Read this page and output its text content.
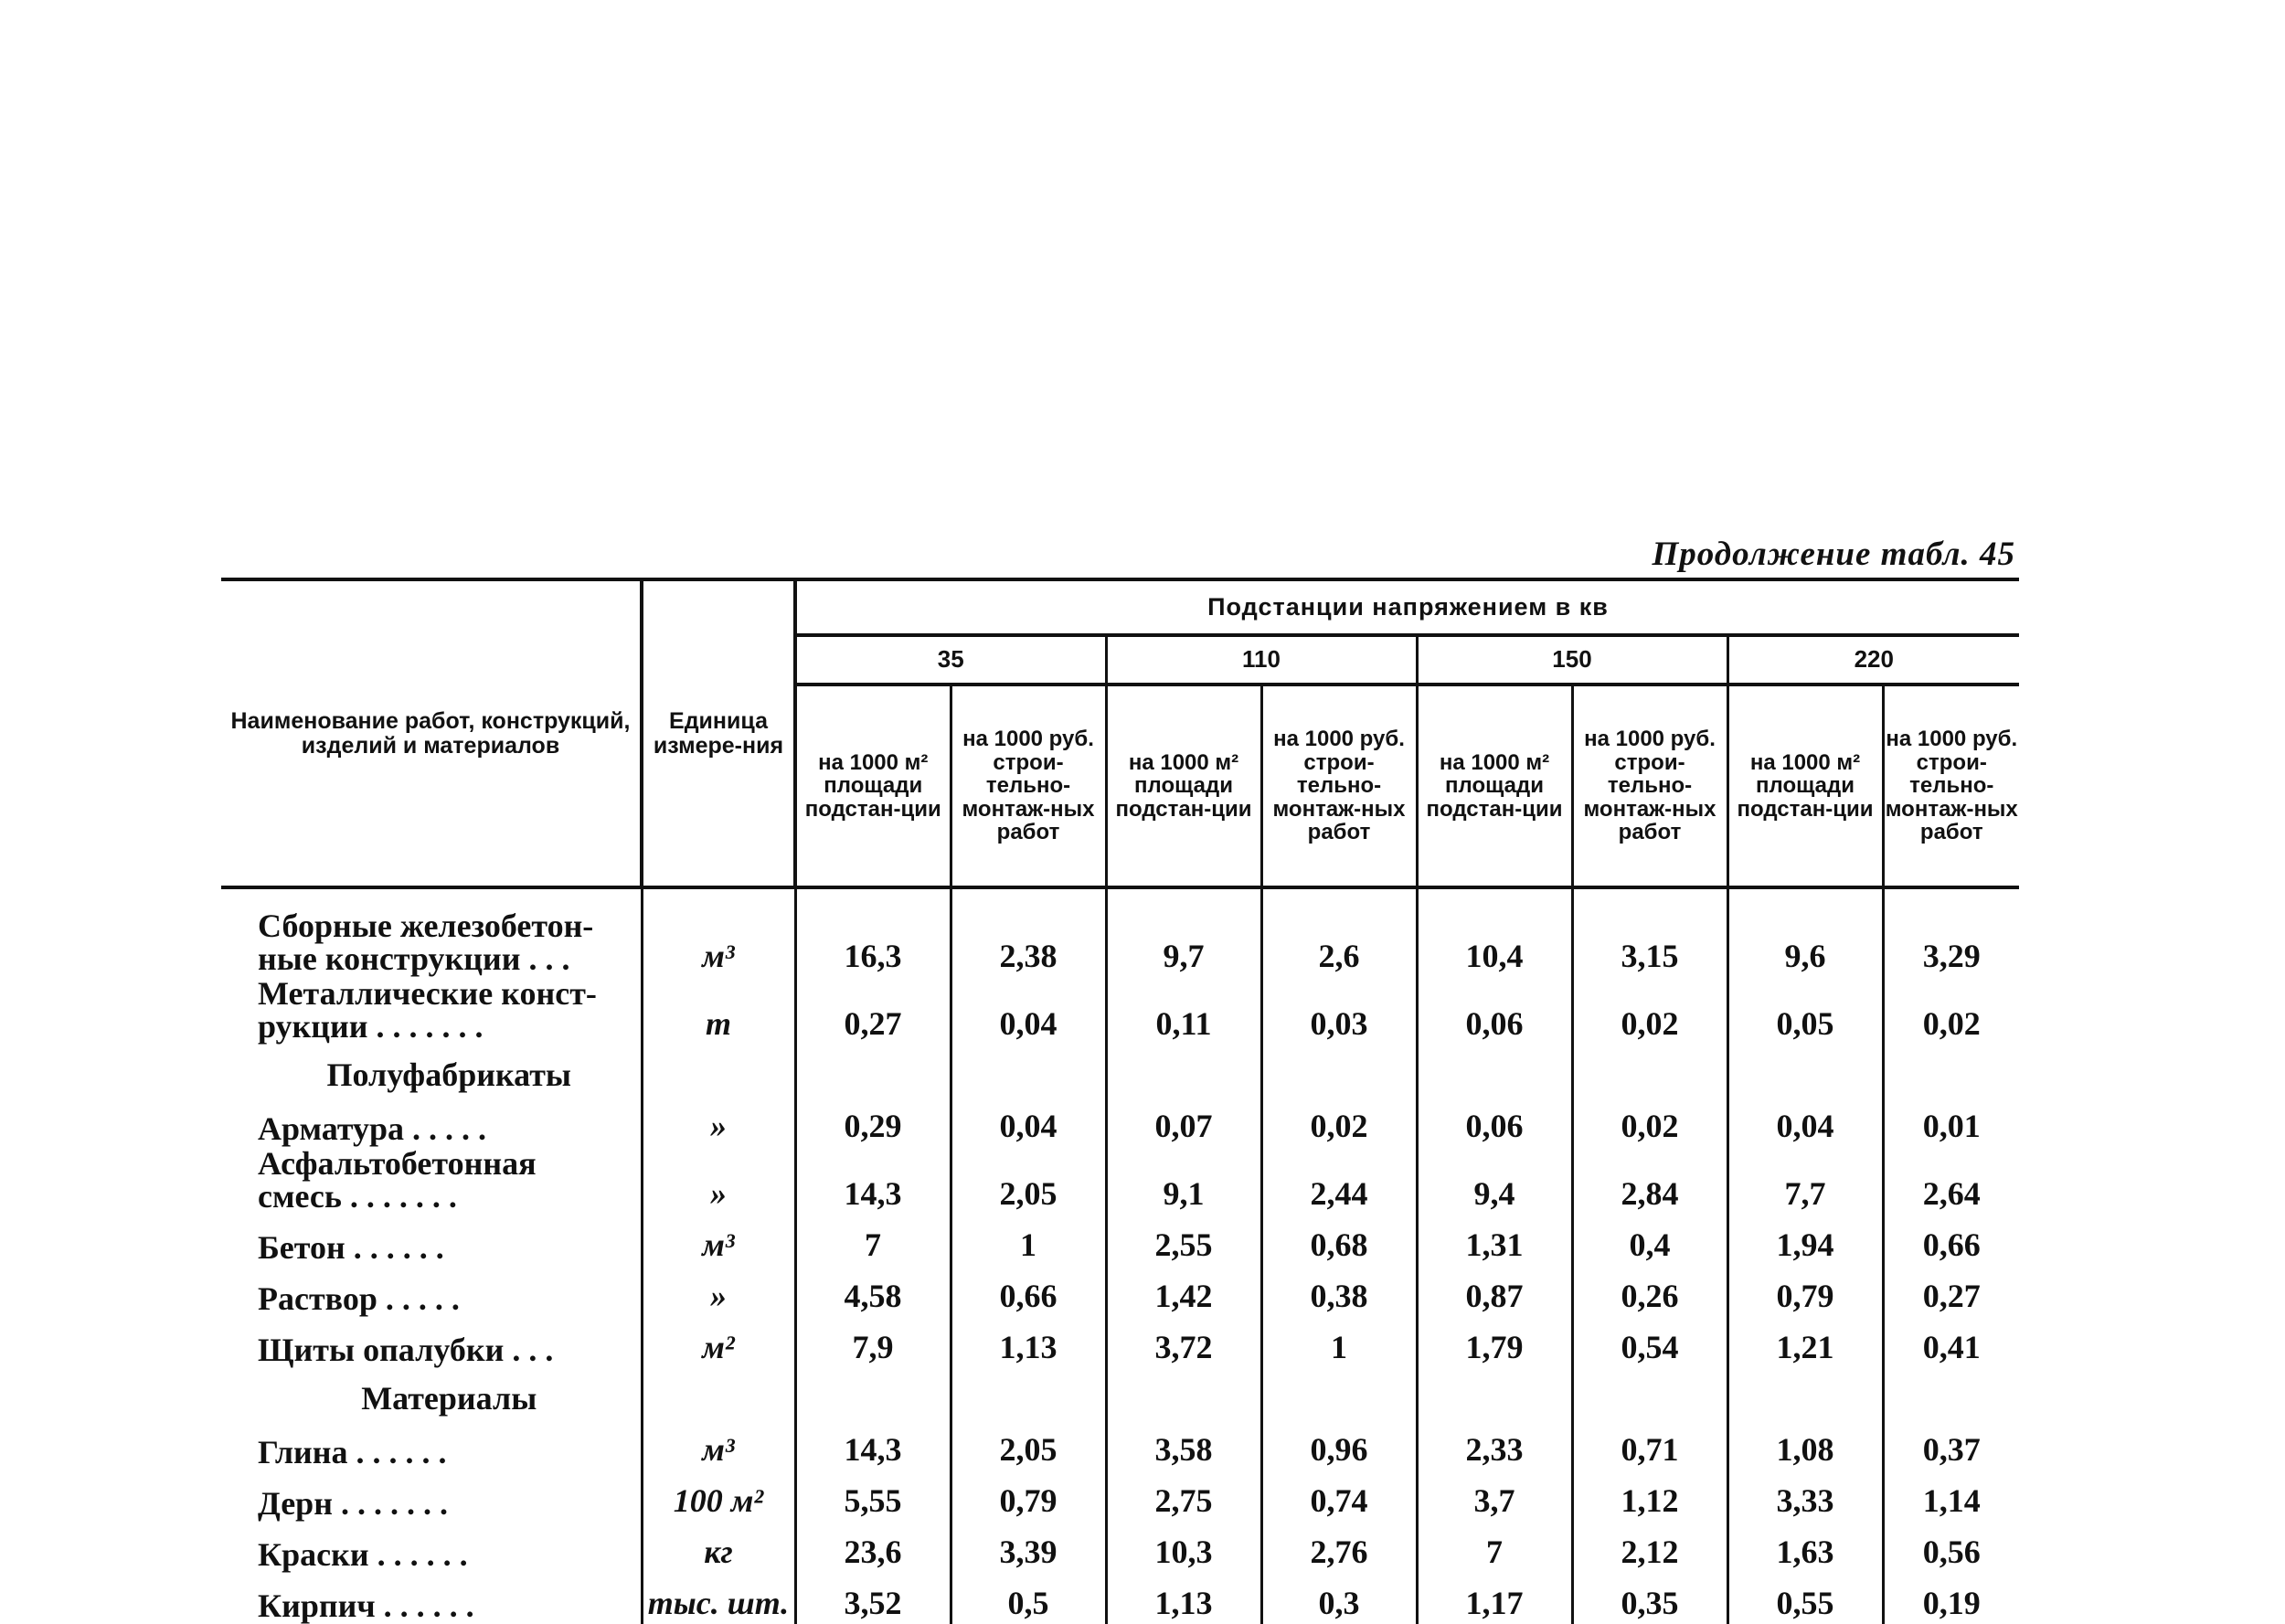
Продолжение табл. 45
Наименование работ, конструкций, изделий и материалов	Единица измере-ния	Подстанции напряжением в кв							
		35		110		150		220	
		на 1000 м² площади подстан-ции	на 1000 руб. строи-тельно-монтаж-ных работ	на 1000 м² площади подстан-ции	на 1000 руб. строи-тельно-монтаж-ных работ	на 1000 м² площади подстан-ции	на 1000 руб. строи-тельно-монтаж-ных работ	на 1000 м² площади подстан-ции	на 1000 руб. строи-тельно-монтаж-ных работ

Сборные железобетон-
ные конструкции . . .	м³	16,3	2,38	9,7	2,6	10,4	3,15	9,6	3,29

Металлические конст-
рукции . . . . . . .	т	0,27	0,04	0,11	0,03	0,06	0,02	0,05	0,02

Полуфабрикаты									

Арматура . . . . .	»	0,29	0,04	0,07	0,02	0,06	0,02	0,04	0,01

Асфальтобетонная
смесь . . . . . . .	»	14,3	2,05	9,1	2,44	9,4	2,84	7,7	2,64

Бетон . . . . . .	м³	7	1	2,55	0,68	1,31	0,4	1,94	0,66

Раствор . . . . .	»	4,58	0,66	1,42	0,38	0,87	0,26	0,79	0,27

Щиты опалубки . . .	м²	7,9	1,13	3,72	1	1,79	0,54	1,21	0,41

Материалы									

Глина . . . . . .	м³	14,3	2,05	3,58	0,96	2,33	0,71	1,08	0,37

Дерн . . . . . . .	100 м²	5,55	0,79	2,75	0,74	3,7	1,12	3,33	1,14

Краски . . . . . .	кг	23,6	3,39	10,3	2,76	7	2,12	1,63	0,56

Кирпич . . . . . .	тыс. шт.	3,52	0,5	1,13	0,3	1,17	0,35	0,55	0,19
